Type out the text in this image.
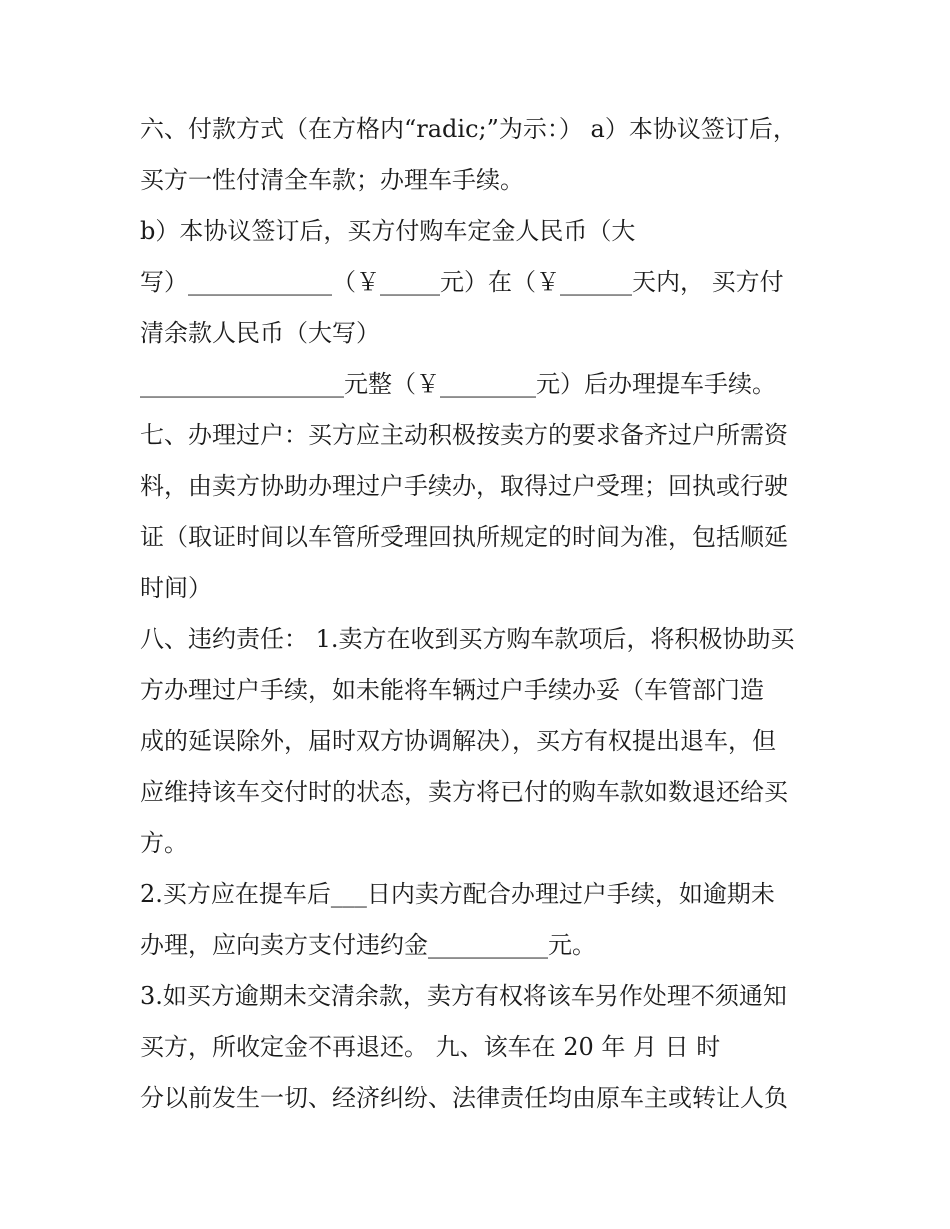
六、付款方式（在方格内“radic;”为示：） a）本协议签订后，
买方一性付清全车款；办理车手续。
b）本协议签订后，买方付购车定金人民币（大
写）____________（￥_____元）在（￥______天内， 买方付
清余款人民币（大写）
_________________元整（￥________元）后办理提车手续。
七、办理过户：买方应主动积极按卖方的要求备齐过户所需资
料，由卖方协助办理过户手续办，取得过户受理；回执或行驶
证（取证时间以车管所受理回执所规定的时间为准，包括顺延
时间）
八、违约责任： 1.卖方在收到买方购车款项后，将积极协助买
方办理过户手续，如未能将车辆过户手续办妥（车管部门造
成的延误除外，届时双方协调解决），买方有权提出退车，但
应维持该车交付时的状态，卖方将已付的购车款如数退还给买
方。
2.买方应在提车后___日内卖方配合办理过户手续，如逾期未
办理，应向卖方支付违约金__________元。
3.如买方逾期未交清余款，卖方有权将该车另作处理不须通知
买方，所收定金不再退还。 九、该车在 20 年 月 日 时
分以前发生一切、经济纠纷、法律责任均由原车主或转让人负
